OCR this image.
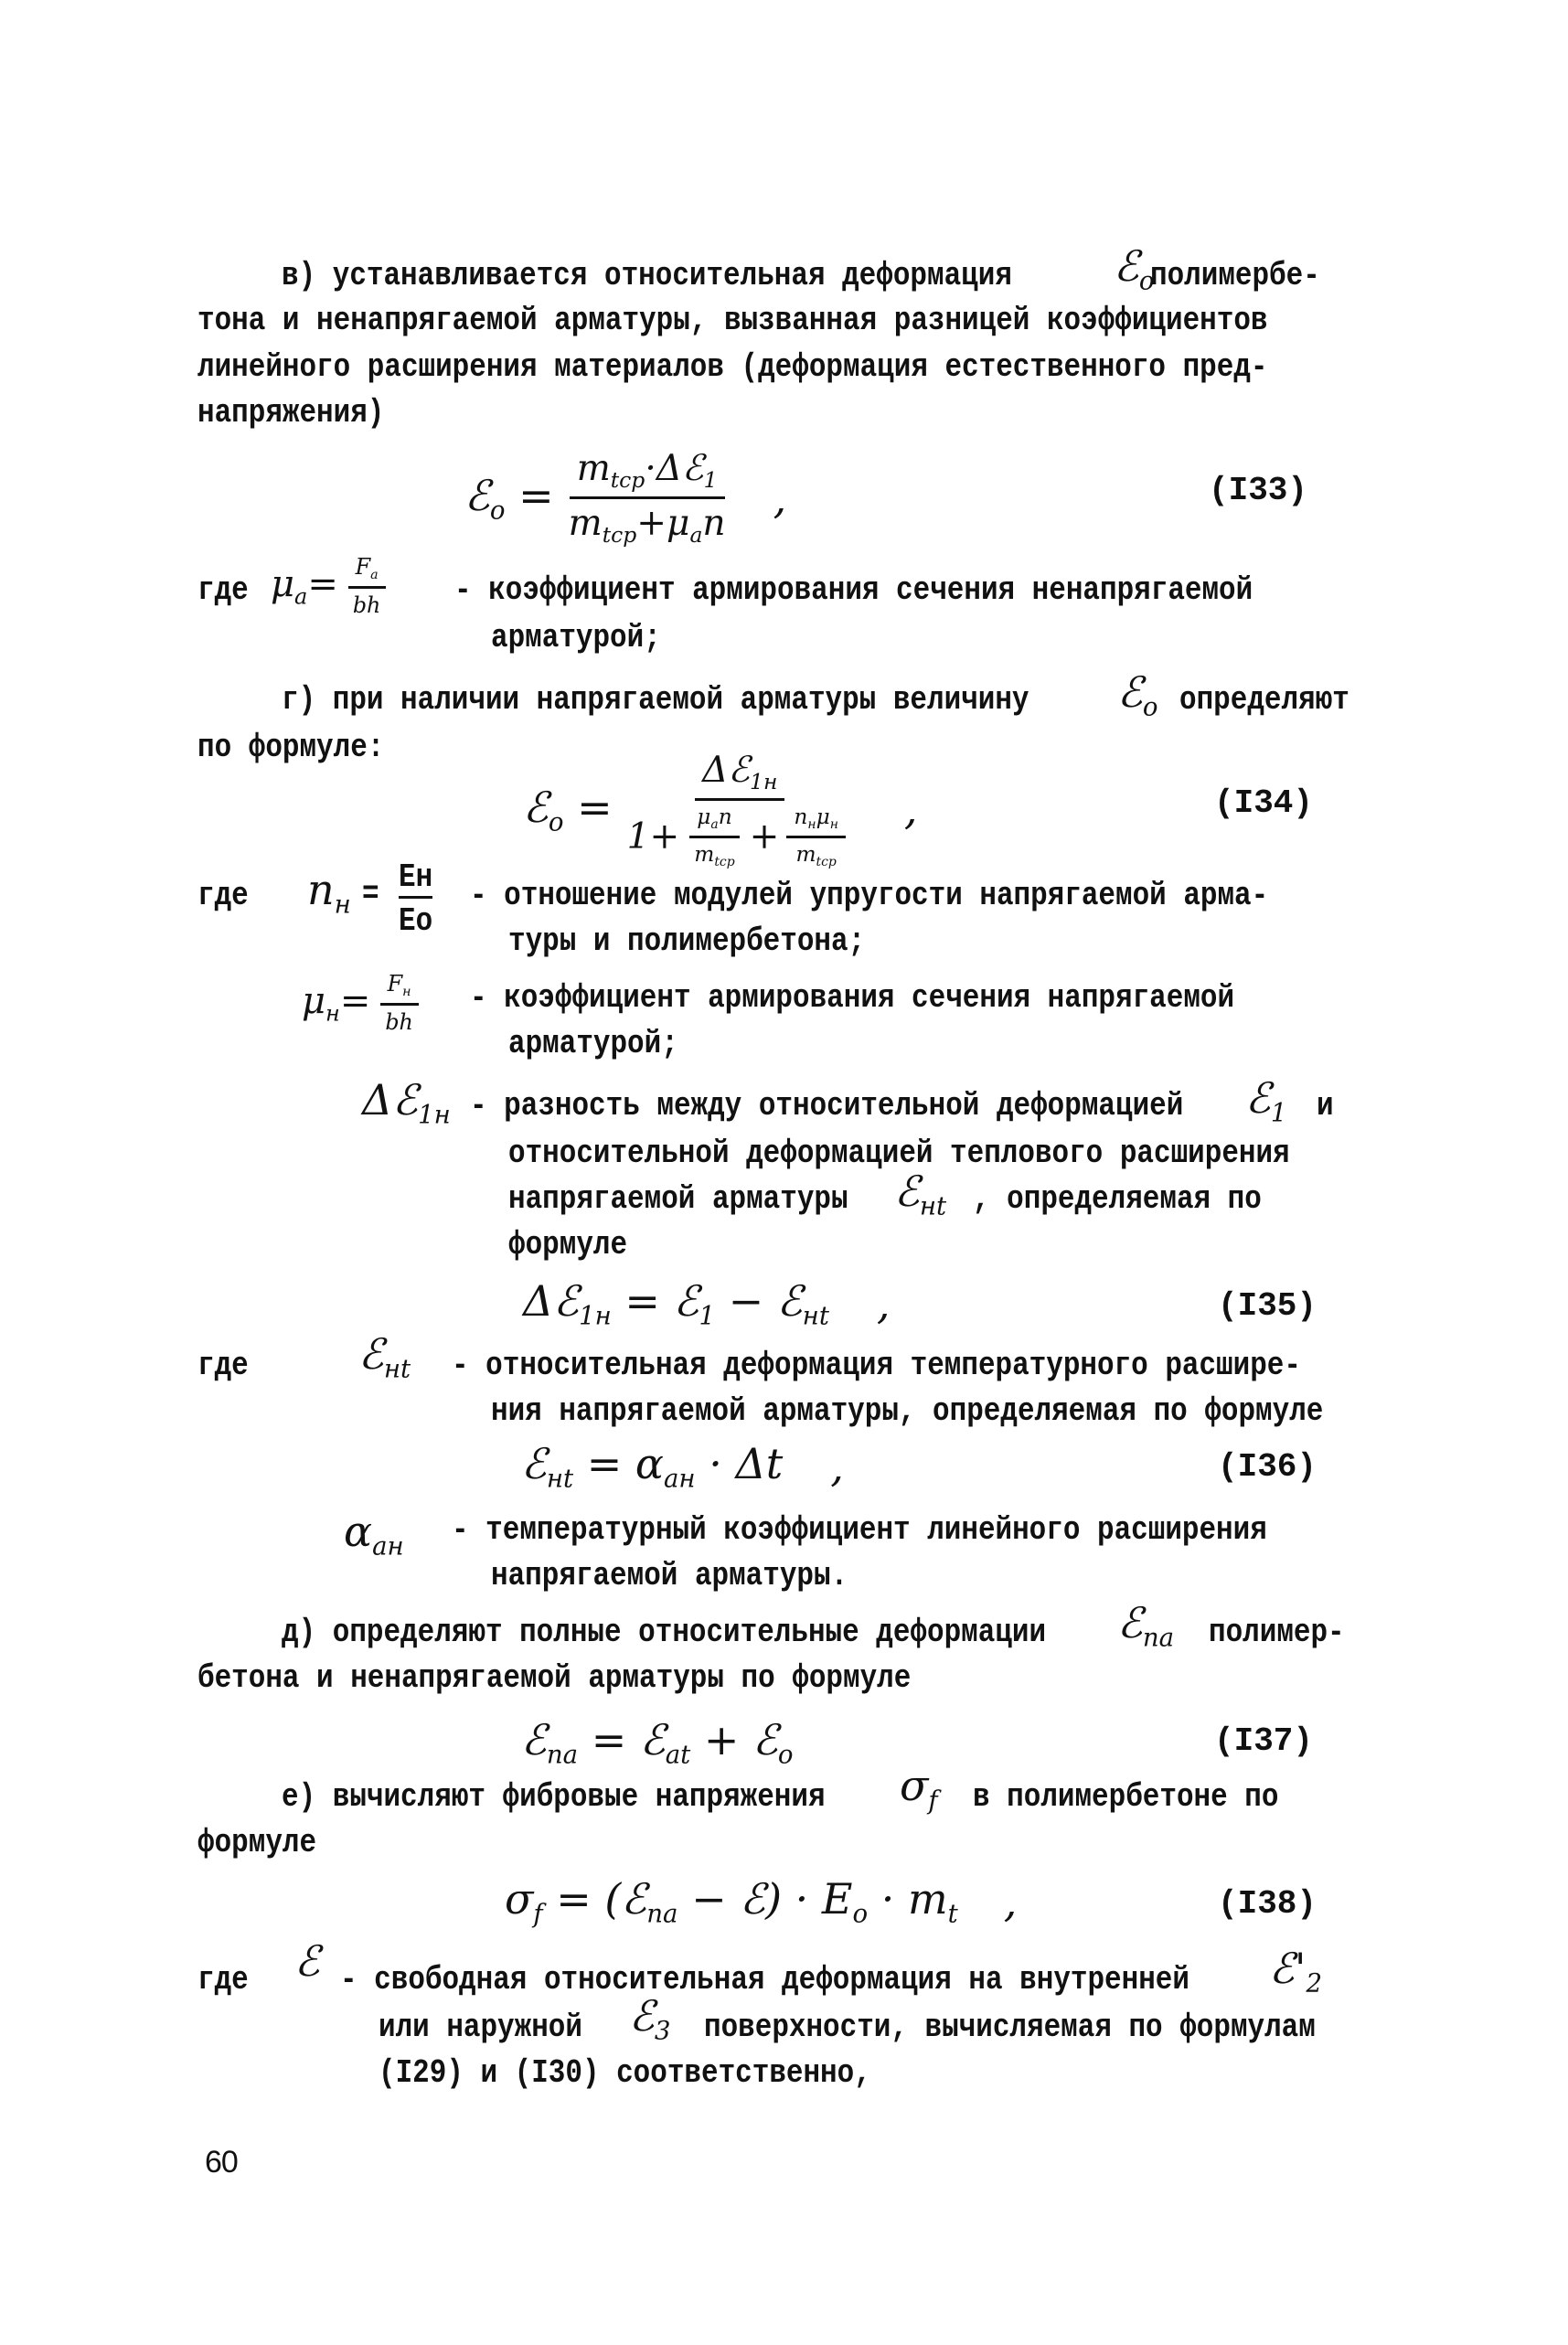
в) устанавливается относительная деформация ℰ$_o$
полимербе-
тона и ненапрягаемой арматуры, вызванная разницей коэффициентов
линейного расширения материалов (деформация естественного пред-
напряжения)
ℰ$_o$ = $\frac{m_{tср}\cdot\Delta ℰ_1}{m_{tср}+\mu_an}$ ,	(I33)
где $\mu_a= \frac{F_a}{bh}$ - коэффициент армирования сечения ненапрягаемой
арматурой;
г) при наличии напрягаемой арматуры величину ℰ$_o$ определяют
по формуле:
ℰ$_o$ = $\frac{\Delta ℰ_{1н}}{1+ \frac{\mu_an}{m_{tср}} + \frac{n_н\mu_н}{m_{tср}}}$ ,	(I34)
где $n_н$ = Ен
Ео
- отношение модулей упругости напрягаемой арма-
туры и полимербетона;
$\mu_н= \frac{F_н}{bh}$ - коэффициент армирования сечения напрягаемой
арматурой;
Δℰ$_{1н}$ - разность между относительной деформацией ℰ$_1$ и
относительной деформацией теплового расширения
напрягаемой арматуры ℰ$_{нt}$ , определяемая по
формуле
Δℰ$_{1н}$ = ℰ$_1$ − ℰ$_{нt}$ ,	(I35)
где	ℰ$_{нt}$ - относительная деформация температурного расшире-
ния напрягаемой арматуры, определяемая по формуле
ℰ$_{нt}$ = $\alpha_{aн} \cdot \Delta t$ ,	(I36)
$\alpha_{aн}$ - температурный коэффициент линейного расширения
напрягаемой арматуры.
д) определяют полные относительные деформации ℰ$_{па}$ полимер-
бетона и ненапрягаемой арматуры по формуле
ℰ$_{па}$ = ℰ$_{at}$ + ℰ$_o$	(I37)
е) вычисляют фибровые напряжения $\sigma_f$ в полимербетоне по
формуле
$\sigma_f$ = (ℰ$_{па}$ − ℰ) · $E_o \cdot m_t$ ,	(I38)
где ℰ - свободная относительная деформация на внутренней $ℰ'_2$
или наружной ℰ$_3$ поверхности, вычисляемая по формулам
(I29) и (I30) соответственно,
60
